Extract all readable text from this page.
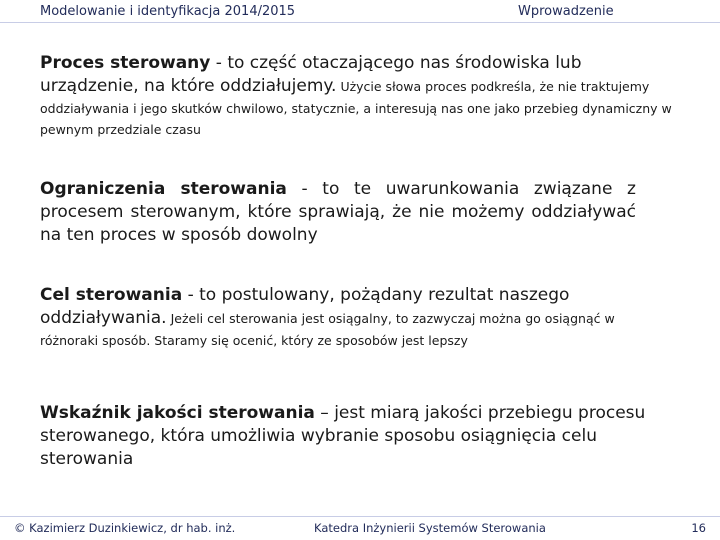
Modelowanie i identyfikacja 2014/2015	Wprowadzenie
Proces sterowany - to część otaczającego nas środowiska lub urządzenie, na które oddziałujemy. Użycie słowa proces podkreśla, że nie traktujemy oddziaływania i jego skutków chwilowo, statycznie, a interesują nas one jako przebieg dynamiczny w pewnym przedziale czasu
Ograniczenia sterowania - to te uwarunkowania związane z procesem sterowanym, które sprawiają, że nie możemy oddziaływać na ten proces w sposób dowolny
Cel sterowania - to postulowany, pożądany rezultat naszego oddziaływania. Jeżeli cel sterowania jest osiągalny, to zazwyczaj można go osiągnąć w różnoraki sposób. Staramy się ocenić, który ze sposobów jest lepszy
Wskaźnik jakości sterowania – jest miarą jakości przebiegu procesu sterowanego, która umożliwia wybranie sposobu osiągnięcia celu sterowania
© Kazimierz Duzinkiewicz, dr hab. inż.	Katedra Inżynierii Systemów Sterowania	16
